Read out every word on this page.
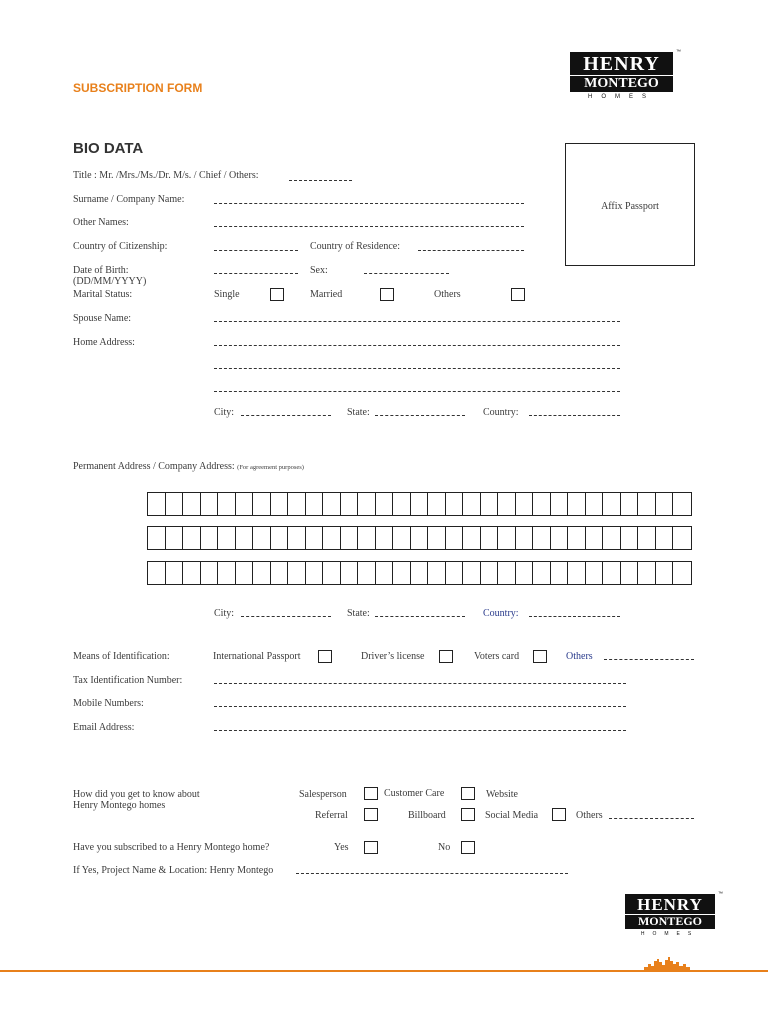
SUBSCRIPTION FORM
HENRY
MONTEGO
HOMES
™
BIO DATA
Affix Passport
Title : Mr. /Mrs./Ms./Dr. M/s. / Chief / Others:
Surname / Company Name:
Other Names:
Country of Citizenship:	Country of Residence:
Date of Birth:
(DD/MM/YYYY)
Sex:
Marital Status:	Single	Married	Others
Spouse Name:
Home Address:
City:	State:	Country:
Permanent Address / Company Address: (For agreement purposes)
City:	State:	Country:
Means of Identification:	International Passport	Driver’s license	Voters card	Others
Tax Identification Number:
Mobile Numbers:
Email Address:
How did you get to know about
Henry Montego homes
Salesperson	Customer Care	Website
Referral	Billboard	Social Media	Others
Have you subscribed to a Henry Montego home?	Yes	No
If Yes, Project Name & Location: Henry Montego
HENRY
MONTEGO
HOMES
™
